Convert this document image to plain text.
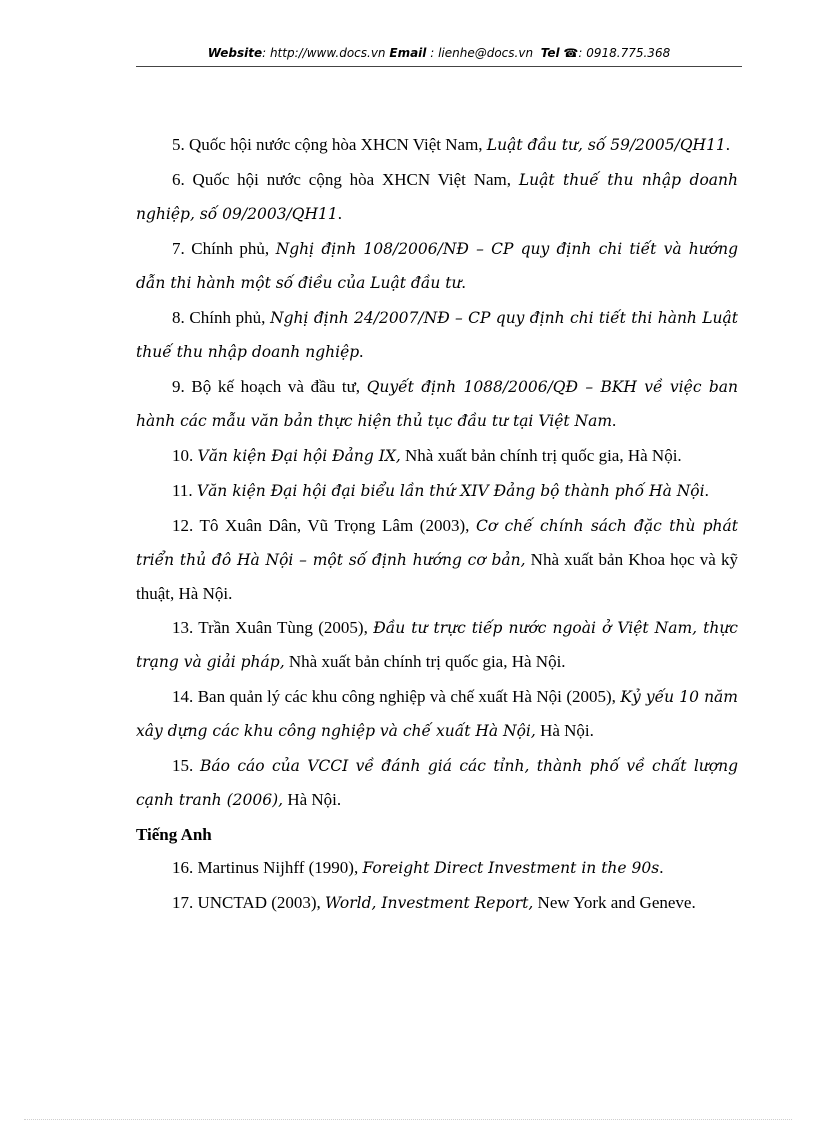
Website: http://www.docs.vn Email : lienhe@docs.vn Tel ☎: 0918.775.368

5. Quốc hội nước cộng hòa XHCN Việt Nam, Luật đầu tư, số 59/2005/QH11.

6. Quốc hội nước cộng hòa XHCN Việt Nam, Luật thuế thu nhập doanh nghiệp, số 09/2003/QH11.

7. Chính phủ, Nghị định 108/2006/NĐ – CP quy định chi tiết và hướng dẫn thi hành một số điều của Luật đầu tư.

8. Chính phủ, Nghị định 24/2007/NĐ – CP quy định chi tiết thi hành Luật thuế thu nhập doanh nghiệp.

9. Bộ kế hoạch và đầu tư, Quyết định 1088/2006/QĐ – BKH về việc ban hành các mẫu văn bản thực hiện thủ tục đầu tư tại Việt Nam.

10. Văn kiện Đại hội Đảng IX, Nhà xuất bản chính trị quốc gia, Hà Nội.

11. Văn kiện Đại hội đại biểu lần thứ XIV Đảng bộ thành phố Hà Nội.

12. Tô Xuân Dân, Vũ Trọng Lâm (2003), Cơ chế chính sách đặc thù phát triển thủ đô Hà Nội – một số định hướng cơ bản, Nhà xuất bản Khoa học và kỹ thuật, Hà Nội.

13. Trần Xuân Tùng (2005), Đầu tư trực tiếp nước ngoài ở Việt Nam, thực trạng và giải pháp, Nhà xuất bản chính trị quốc gia, Hà Nội.

14. Ban quản lý các khu công nghiệp và chế xuất Hà Nội (2005), Kỷ yếu 10 năm xây dựng các khu công nghiệp và chế xuất Hà Nội, Hà Nội.

15. Báo cáo của VCCI về đánh giá các tỉnh, thành phố về chất lượng cạnh tranh (2006), Hà Nội.

Tiếng Anh

16. Martinus Nijhff (1990), Foreight Direct Investment in the 90s.

17. UNCTAD (2003), World, Investment Report, New York and Geneve.
